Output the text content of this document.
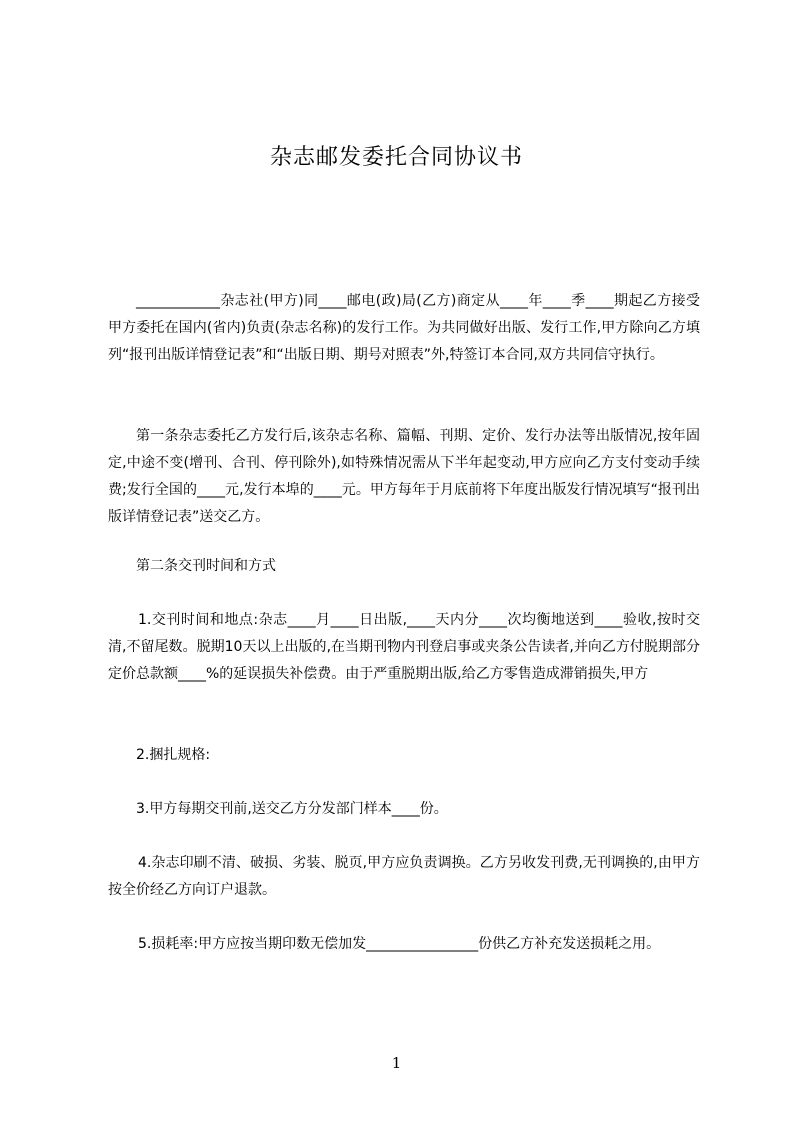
杂志邮发委托合同协议书

____________杂志社(甲方)同____邮电(政)局(乙方)商定从____年____季____期起乙方接受甲方委托在国内(省内)负责(杂志名称)的发行工作。为共同做好出版、发行工作,甲方除向乙方填列“报刊出版详情登记表”和“出版日期、期号对照表”外,特签订本合同,双方共同信守执行。

第一条杂志委托乙方发行后,该杂志名称、篇幅、刊期、定价、发行办法等出版情况,按年固定,中途不变(增刊、合刊、停刊除外),如特殊情况需从下半年起变动,甲方应向乙方支付变动手续费;发行全国的____元,发行本埠的____元。甲方每年于月底前将下年度出版发行情况填写“报刊出版详情登记表”送交乙方。

第二条交刊时间和方式

1.交刊时间和地点:杂志____月____日出版,____天内分____次均衡地送到____验收,按时交清,不留尾数。脱期10天以上出版的,在当期刊物内刊登启事或夹条公告读者,并向乙方付脱期部分定价总款额____%的延误损失补偿费。由于严重脱期出版,给乙方零售造成滞销损失,甲方

2.捆扎规格:

3.甲方每期交刊前,送交乙方分发部门样本____份。

4.杂志印刷不清、破损、劣装、脱页,甲方应负责调换。乙方另收发刊费,无刊调换的,由甲方按全价经乙方向订户退款。

5.损耗率:甲方应按当期印数无偿加发________________份供乙方补充发送损耗之用。

1
